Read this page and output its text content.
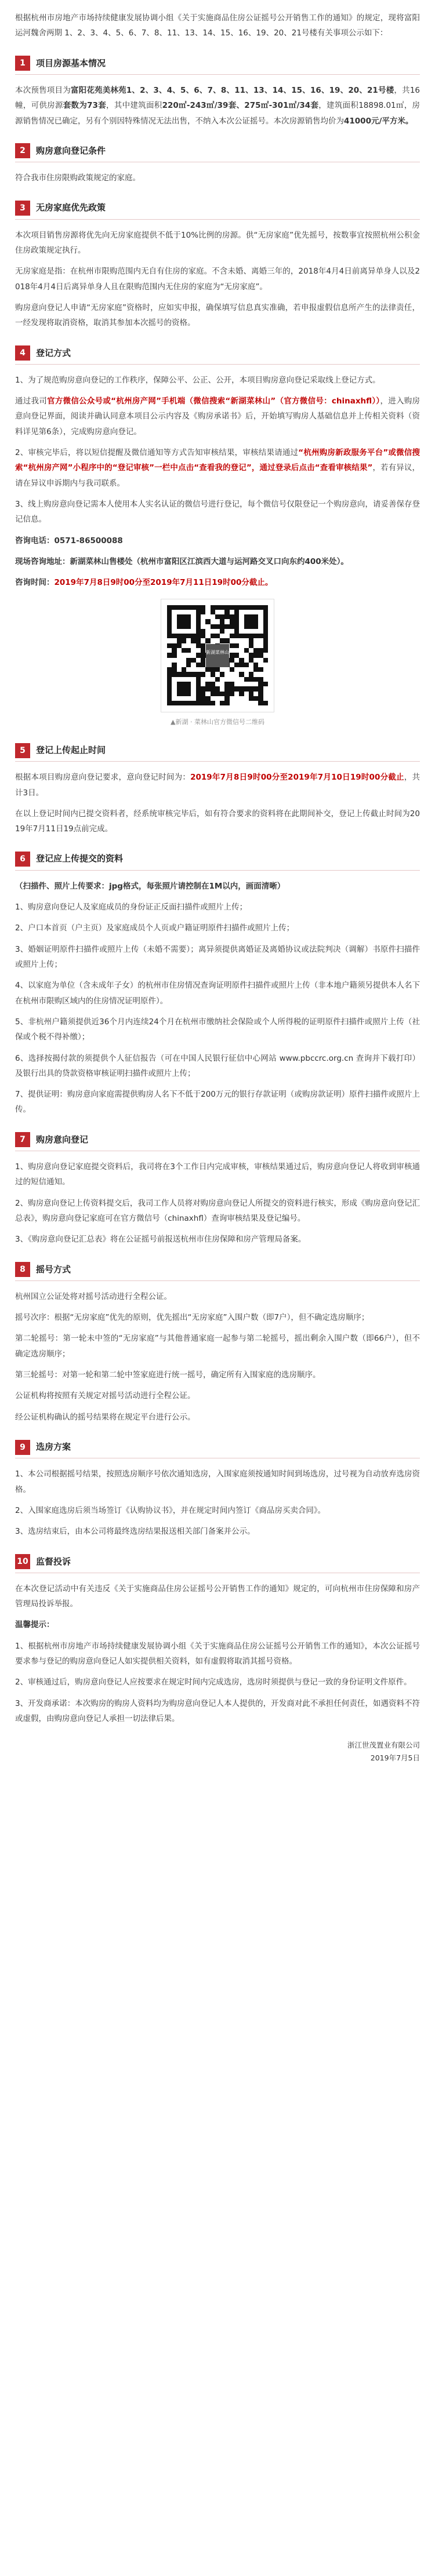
根据杭州市房地产市场持续健康发展协调小组《关于实施商品住房公证摇号公开销售工作的通知》的规定，现将富阳运河魏舍两期 1、2、3、4、5、6、7、8、11、13、14、15、16、19、20、21号楼有关事项公示如下：

1	项目房源基本情况

本次预售项目为富阳花苑美林苑1、2、3、4、5、6、7、8、11、13、14、15、16、19、20、21号楼，共16幢，可供房源套数为73套，其中建筑面积220㎡-243㎡/39套、275㎡-301㎡/34套，建筑面积18898.01㎡，房源销售情况已确定，另有个别因特殊情况无法出售，不纳入本次公证摇号。本次房源销售均价为41000元/平方米。

2	购房意向登记条件

符合我市住房限购政策规定的家庭。

3	无房家庭优先政策

本次项目销售房源将优先向无房家庭提供不低于10%比例的房源。供“无房家庭”优先摇号，按数事宜按照杭州公积金住房政策规定执行。

无房家庭是指：在杭州市限购范围内无自有住房的家庭。不含未婚、离婚三年的，2018年4月4日前离异单身人以及2018年4月4日后离异单身人且在限购范围内无住房的家庭为“无房家庭”。

购房意向登记人申请“无房家庭”资格时，应如实申报，确保填写信息真实准确，若申报虚假信息所产生的法律责任，一经发现将取消资格，取消其参加本次摇号的资格。

4	登记方式

1、为了规范购房意向登记的工作秩序，保障公平、公正、公开，本项目购房意向登记采取线上登记方式。

通过我司官方微信公众号或“杭州房产网”手机端（微信搜索“新湖菜林山”（官方微信号：chinaxhfl）），进入购房意向登记界面，阅读并确认同意本项目公示内容及《购房承诺书》后，开始填写购房人基础信息并上传相关资料（资料详见第6条），完成购房意向登记。

2、审核完毕后，将以短信提醒及微信通知等方式告知审核结果，审核结果请通过“杭州购房新政服务平台”或微信搜索“杭州房产网”小程序中的“登记审核”一栏中点击“查看我的登记”，通过登录后点击“查看审核结果”，若有异议，请在异议申诉期内与我司联系。

3、线上购房意向登记需本人使用本人实名认证的微信号进行登记，每个微信号仅限登记一个购房意向，请妥善保存登记信息。

咨询电话：0571-86500088

现场咨询地址：新湖菜林山售楼处（杭州市富阳区江滨西大道与运河路交叉口向东约400米处）。

咨询时间：2019年7月8日9时00分至2019年7月11日19时00分截止。

新湖菜林山
▲新湖 · 菜林山官方微信号二维码
5	登记上传起止时间

根据本项目购房意向登记要求，意向登记时间为：2019年7月8日9时00分至2019年7月10日19时00分截止，共计3日。

在以上登记时间内已提交资料者，经系统审核完毕后，如有符合要求的资料将在此期间补交，登记上传截止时间为2019年7月11日19点前完成。

6	登记应上传提交的资料

（扫描件、照片上传要求：jpg格式，每张照片请控制在1M以内，画面清晰）

1、购房意向登记人及家庭成员的身份证正反面扫描件或照片上传；

2、户口本首页（户主页）及家庭成员个人页或户籍证明原件扫描件或照片上传；

3、婚姻证明原件扫描件或照片上传（未婚不需要）；离异须提供离婚证及离婚协议或法院判决（调解）书原件扫描件或照片上传；

4、以家庭为单位（含未成年子女）的杭州市住房情况查询证明原件扫描件或照片上传（非本地户籍须另提供本人名下在杭州市限购区域内的住房情况证明原件）。

5、非杭州户籍须提供近36个月内连续24个月在杭州市缴纳社会保险或个人所得税的证明原件扫描件或照片上传（社保或个税不得补缴）；

6、选择按揭付款的须提供个人征信报告（可在中国人民银行征信中心网站 www.pbccrc.org.cn 查询并下载打印）及银行出具的贷款资格审核证明扫描件或照片上传；

7、提供证明：购房意向家庭需提供购房人名下不低于200万元的银行存款证明（或购房款证明）原件扫描件或照片上传。

7	购房意向登记

1、购房意向登记家庭提交资料后，我司将在3个工作日内完成审核，审核结果通过后，购房意向登记人将收到审核通过的短信通知。

2、购房意向登记上传资料提交后，我司工作人员将对购房意向登记人所提交的资料进行核实，形成《购房意向登记汇总表》，购房意向登记家庭可在官方微信号（chinaxhfl）查询审核结果及登记编号。

3、《购房意向登记汇总表》将在公证摇号前报送杭州市住房保障和房产管理局备案。

8	摇号方式

杭州国立公证处将对摇号活动进行全程公证。

摇号次序：根据“无房家庭”优先的原则，优先摇出“无房家庭”入围户数（即7户），但不确定选房顺序；

第二轮摇号：第一轮未中签的“无房家庭”与其他普通家庭一起参与第二轮摇号，摇出剩余入围户数（即66户），但不确定选房顺序；

第三轮摇号：对第一轮和第二轮中签家庭进行统一摇号，确定所有入围家庭的选房顺序。

公证机构将按照有关规定对摇号活动进行全程公证。

经公证机构确认的摇号结果将在规定平台进行公示。

9	选房方案

1、本公司根据摇号结果，按照选房顺序号依次通知选房，入围家庭须按通知时间到场选房，过号视为自动放弃选房资格。

2、入围家庭选房后须当场签订《认购协议书》，并在规定时间内签订《商品房买卖合同》。

3、选房结束后，由本公司将最终选房结果报送相关部门备案并公示。

10 监督投诉

在本次登记活动中有关违反《关于实施商品住房公证摇号公开销售工作的通知》规定的，可向杭州市住房保障和房产管理局投诉举报。

温馨提示：

1、根据杭州市房地产市场持续健康发展协调小组《关于实施商品住房公证摇号公开销售工作的通知》，本次公证摇号要求参与登记的购房意向登记人如实提供相关资料，如有虚假将取消其摇号资格。

2、审核通过后，购房意向登记人应按要求在规定时间内完成选房，选房时须提供与登记一致的身份证明文件原件。

3、开发商承诺：本次购房的购房人资料均为购房意向登记人本人提供的，开发商对此不承担任何责任，如遇资料不符或虚假，由购房意向登记人承担一切法律后果。

浙江世茂置业有限公司
2019年7月5日
